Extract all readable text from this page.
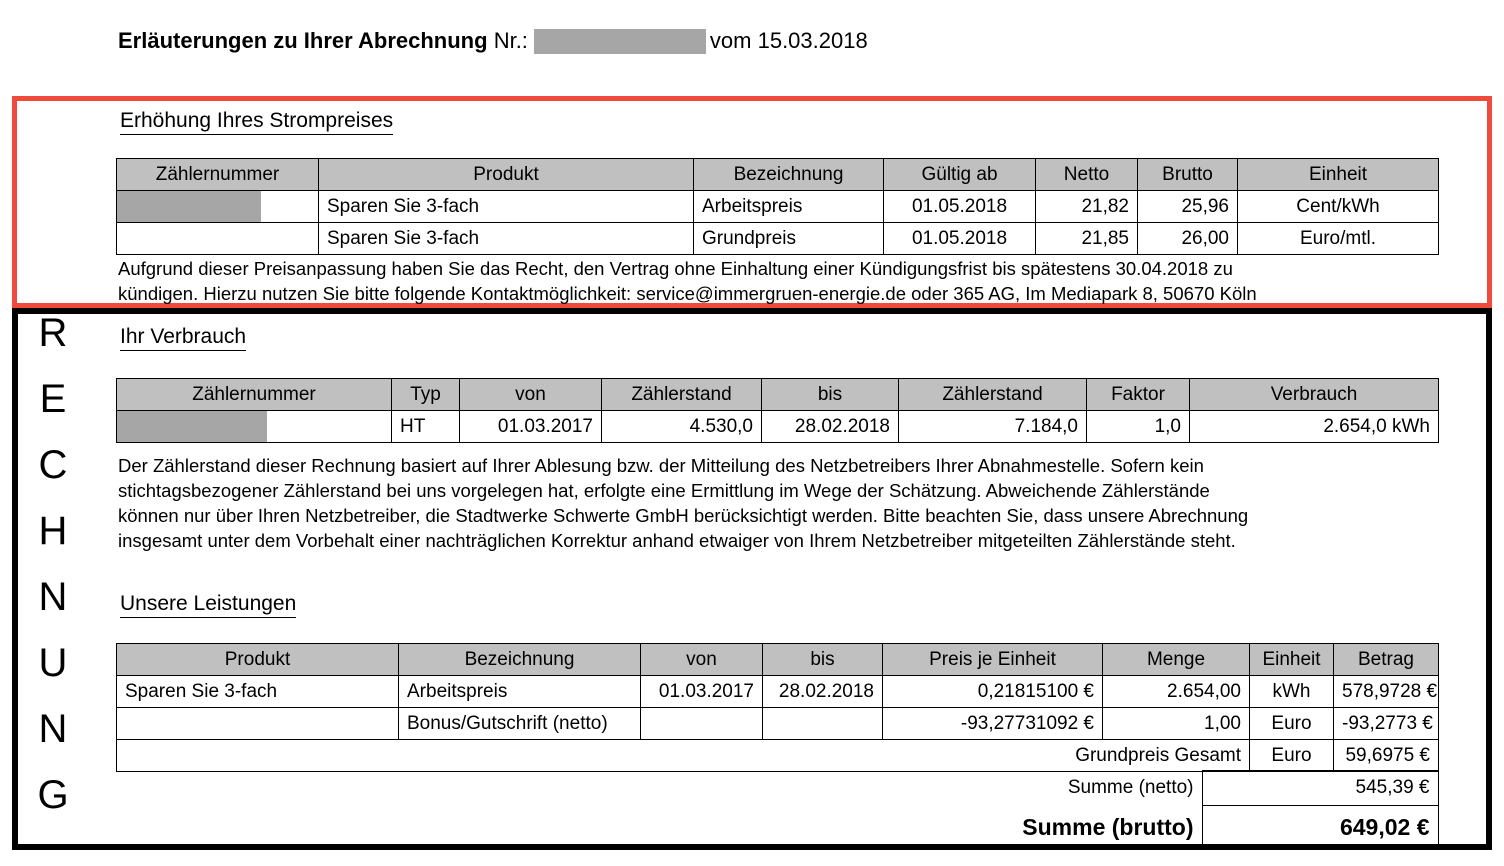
Erläuterungen zu Ihrer Abrechnung Nr.:	vom 15.03.2018
R
E
C
H
N
U
N
G
Erhöhung Ihres Strompreises
Zählernummer	Produkt	Bezeichnung	Gültig ab	Netto	Brutto	Einheit

	Sparen Sie 3-fach	Arbeitspreis	01.05.2018	21,82	25,96	Cent/kWh
	Sparen Sie 3-fach	Grundpreis	01.05.2018	21,85	26,00	Euro/mtl.
Aufgrund dieser Preisanpassung haben Sie das Recht, den Vertrag ohne Einhaltung einer Kündigungsfrist bis spätestens 30.04.2018 zu
kündigen. Hierzu nutzen Sie bitte folgende Kontaktmöglichkeit: service@immergruen-energie.de oder 365 AG, Im Mediapark 8, 50670 Köln
Ihr Verbrauch
Zählernummer	Typ	von	Zählerstand	bis	Zählerstand	Faktor	Verbrauch

	HT	01.03.2017	4.530,0	28.02.2018	7.184,0	1,0	2.654,0 kWh
Der Zählerstand dieser Rechnung basiert auf Ihrer Ablesung bzw. der Mitteilung des Netzbetreibers Ihrer Abnahmestelle. Sofern kein
stichtagsbezogener Zählerstand bei uns vorgelegen hat, erfolgte eine Ermittlung im Wege der Schätzung. Abweichende Zählerstände
können nur über Ihren Netzbetreiber, die Stadtwerke Schwerte GmbH berücksichtigt werden. Bitte beachten Sie, dass unsere Abrechnung
insgesamt unter dem Vorbehalt einer nachträglichen Korrektur anhand etwaiger von Ihrem Netzbetreiber mitgeteilten Zählerstände steht.
Unsere Leistungen
Produkt	Bezeichnung	von	bis	Preis je Einheit	Menge	Einheit	Betrag
Sparen Sie 3-fach	Arbeitspreis	01.03.2017	28.02.2018	0,21815100 €	2.654,00	kWh	578,9728 €
	Bonus/Gutschrift (netto)			-93,27731092 €	1,00	Euro	-93,2773 €
Grundpreis Gesamt						Euro	59,6975 €
Summe (netto)	545,39 €
Summe (brutto)	649,02 €
